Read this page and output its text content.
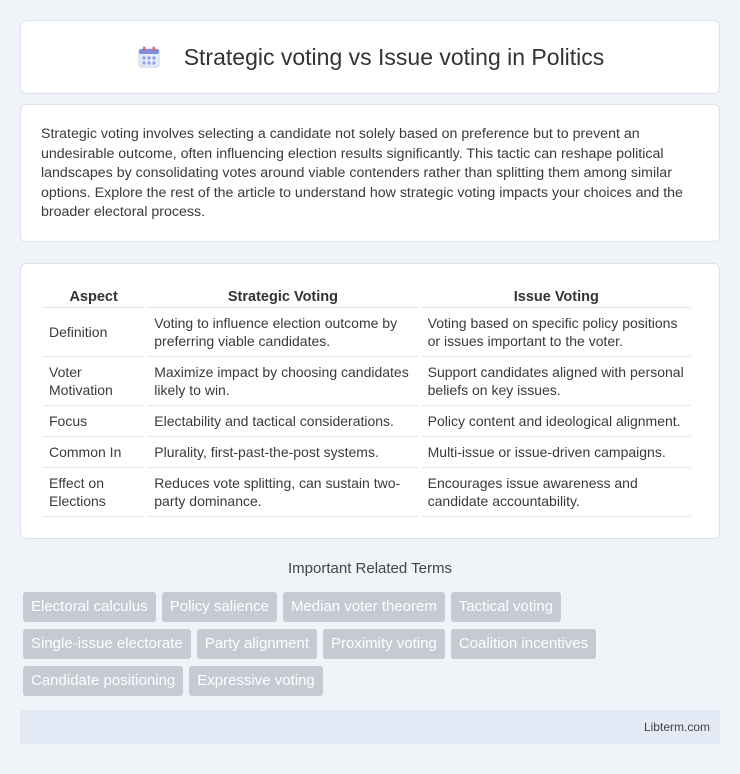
Strategic voting vs Issue voting in Politics

Strategic voting involves selecting a candidate not solely based on preference but to prevent an undesirable outcome, often influencing election results significantly. This tactic can reshape political landscapes by consolidating votes around viable contenders rather than splitting them among similar options. Explore the rest of the article to understand how strategic voting impacts your choices and the broader electoral process.

Aspect	Strategic Voting	Issue Voting
Definition	Voting to influence election outcome by preferring viable candidates.	Voting based on specific policy positions or issues important to the voter.
Voter Motivation	Maximize impact by choosing candidates likely to win.	Support candidates aligned with personal beliefs on key issues.
Focus	Electability and tactical considerations.	Policy content and ideological alignment.
Common In	Plurality, first-past-the-post systems.	Multi-issue or issue-driven campaigns.
Effect on Elections	Reduces vote splitting, can sustain two-party dominance.	Encourages issue awareness and candidate accountability.
Important Related Terms
Electoral calculus	Policy salience	Median voter theorem	Tactical voting
Single-issue electorate	Party alignment	Proximity voting	Coalition incentives
Candidate positioning	Expressive voting
Libterm.com
